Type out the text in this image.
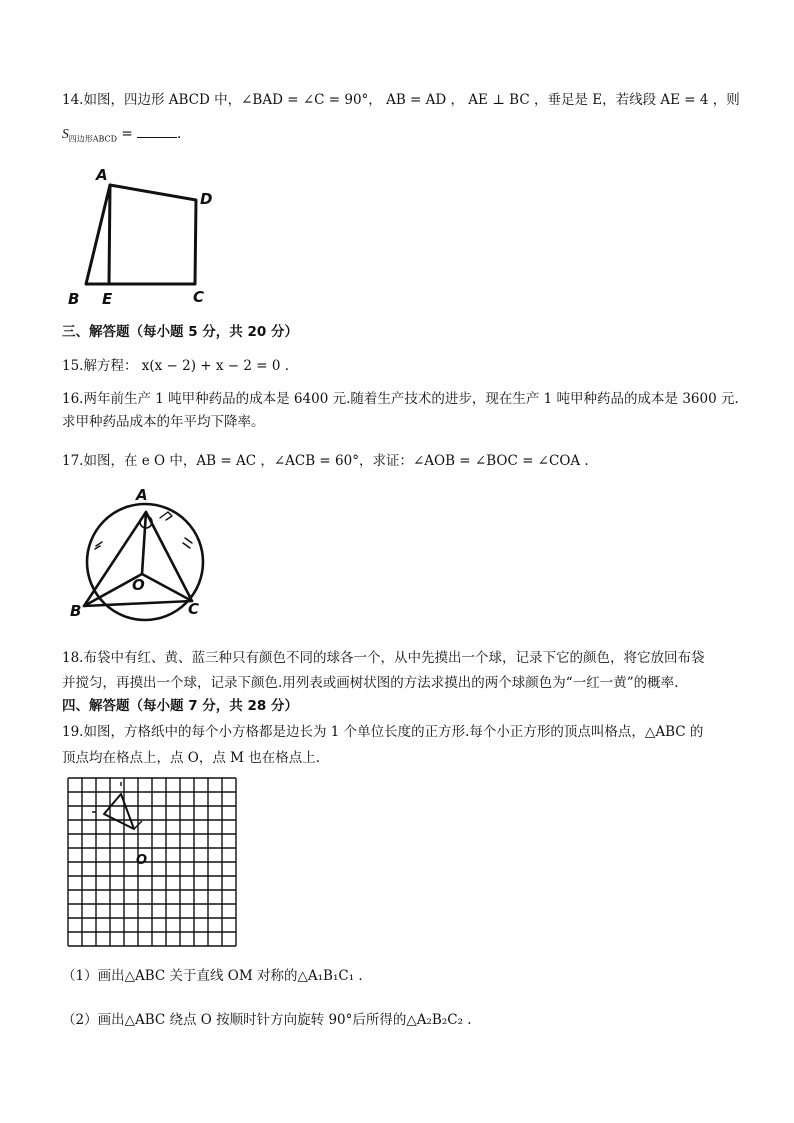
14.如图，四边形 ABCD 中，∠BAD = ∠C = 90°， AB = AD ， AE ⊥ BC ，垂足是 E，若线段 AE = 4 ，则
$S_{四边形ABCD}$ =	.
A
D
B E	C
三、解答题（每小题 5 分，共 20 分）
15.解方程： x(x − 2) + x − 2 = 0 .
16.两年前生产 1 吨甲种药品的成本是 6400 元.随着生产技术的进步，现在生产 1 吨甲种药品的成本是 3600 元.
求甲种药品成本的年平均下降率。
17.如图，在 e O 中，AB = AC ，∠ACB = 60°，求证：∠AOB = ∠BOC = ∠COA .
A
O
B	C
18.布袋中有红、黄、蓝三种只有颜色不同的球各一个，从中先摸出一个球，记录下它的颜色，将它放回布袋
并搅匀，再摸出一个球，记录下颜色.用列表或画树状图的方法求摸出的两个球颜色为“一红一黄”的概率.
四、解答题（每小题 7 分，共 28 分）
19.如图，方格纸中的每个小方格都是边长为 1 个单位长度的正方形.每个小正方形的顶点叫格点，△ABC 的
顶点均在格点上，点 O，点 M 也在格点上.
O
（1）画出△ABC 关于直线 OM 对称的△A₁B₁C₁ .
（2）画出△ABC 绕点 O 按顺时针方向旋转 90°后所得的△A₂B₂C₂ .
